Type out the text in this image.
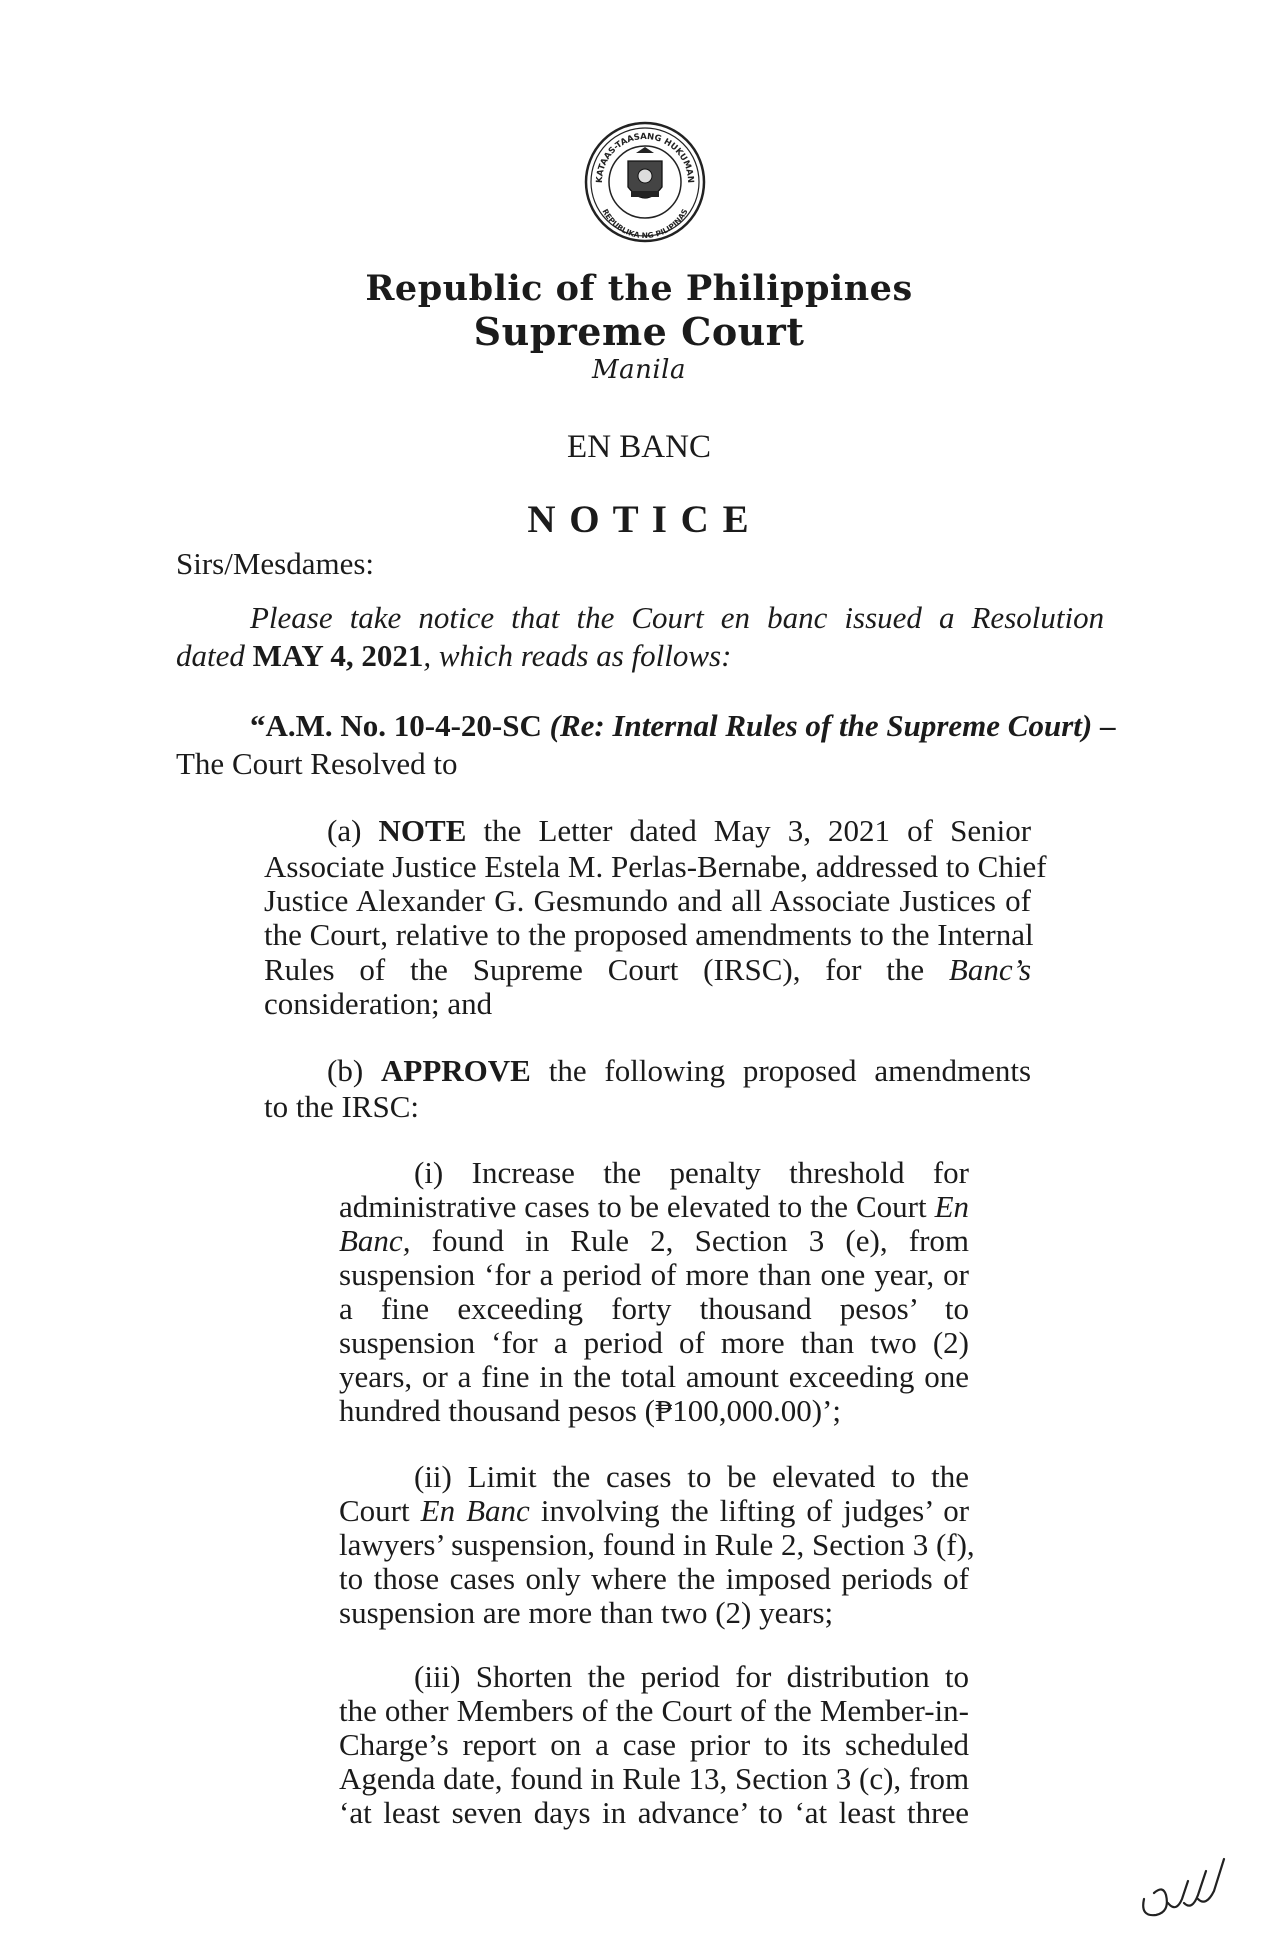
KATAAS-TAASANG HUKUMAN
REPUBLIKA NG PILIPINAS
Republic of the Philippines
Supreme Court
Manila
EN BANC
N O T I C E
Sirs/Mesdames:
Please take notice that the Court en banc issued a Resolution
dated MAY 4, 2021, which reads as follows:
“A.M. No. 10-4-20-SC (Re: Internal Rules of the Supreme Court) –
The Court Resolved to
(a) NOTE the Letter dated May 3, 2021 of Senior
Associate Justice Estela M. Perlas-Bernabe, addressed to Chief
Justice Alexander G. Gesmundo and all Associate Justices of
the Court, relative to the proposed amendments to the Internal
Rules of the Supreme Court (IRSC), for the Banc’s
consideration; and
(b) APPROVE the following proposed amendments
to the IRSC:
(i) Increase the penalty threshold for
administrative cases to be elevated to the Court En
Banc, found in Rule 2, Section 3 (e), from
suspension ‘for a period of more than one year, or
a fine exceeding forty thousand pesos’ to
suspension ‘for a period of more than two (2)
years, or a fine in the total amount exceeding one
hundred thousand pesos (₱100,000.00)’;
(ii) Limit the cases to be elevated to the
Court En Banc involving the lifting of judges’ or
lawyers’ suspension, found in Rule 2, Section 3 (f),
to those cases only where the imposed periods of
suspension are more than two (2) years;
(iii) Shorten the period for distribution to
the other Members of the Court of the Member-in-
Charge’s report on a case prior to its scheduled
Agenda date, found in Rule 13, Section 3 (c), from
‘at least seven days in advance’ to ‘at least three
